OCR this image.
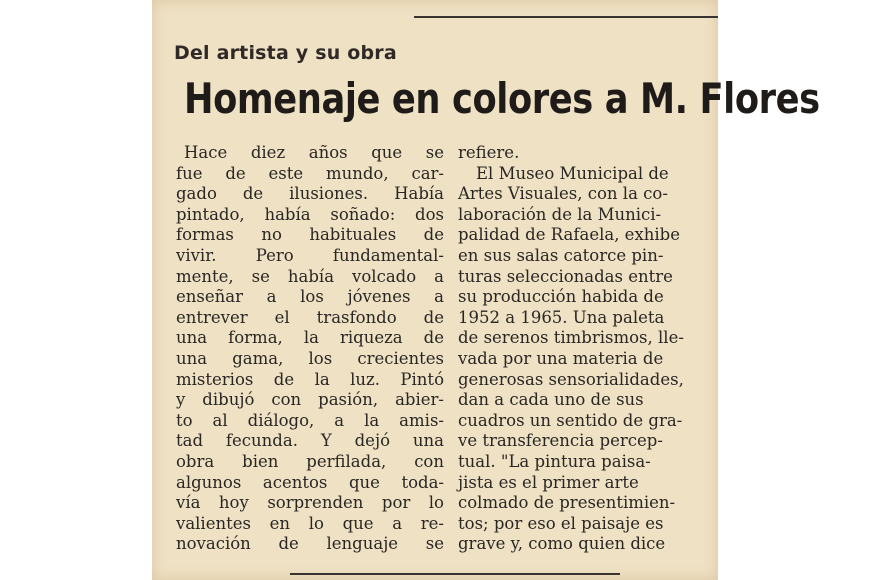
Del artista y su obra
Homenaje en colores a M. Flores
Hace diez años que se
fue de este mundo, car-
gado de ilusiones. Había
pintado, había soñado: dos
formas no habituales de
vivir. Pero fundamental-
mente, se había volcado a
enseñar a los jóvenes a
entrever el trasfondo de
una forma, la riqueza de
una gama, los crecientes
misterios de la luz. Pintó
y dibujó con pasión, abier-
to al diálogo, a la amis-
tad fecunda. Y dejó una
obra bien perfilada, con
algunos acentos que toda-
vía hoy sorprenden por lo
valientes en lo que a re-
novación de lenguaje se
refiere.
El Museo Municipal de
Artes Visuales, con la co-
laboración de la Munici-
palidad de Rafaela, exhibe
en sus salas catorce pin-
turas seleccionadas entre
su producción habida de
1952 a 1965. Una paleta
de serenos timbrismos, lle-
vada por una materia de
generosas sensorialidades,
dan a cada uno de sus
cuadros un sentido de gra-
ve transferencia percep-
tual. "La pintura paisa-
jista es el primer arte
colmado de presentimien-
tos; por eso el paisaje es
grave y, como quien dice
